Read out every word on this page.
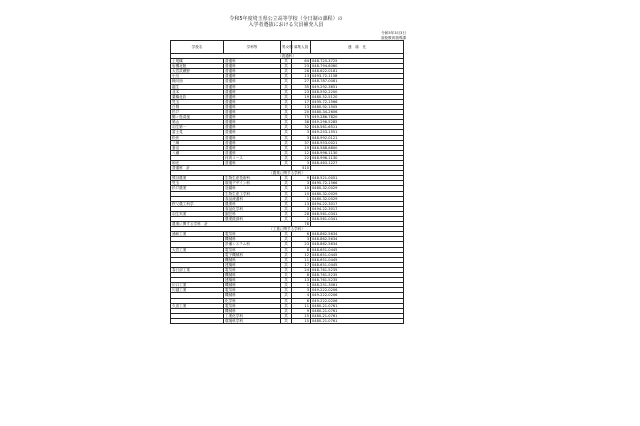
令和5年度埼玉県公立高等学校（全日制の課程）の
入学者選抜における欠員補充人員
令和5年3月3日
高校教育指導課
学校名	学科等	男女別	募集人員	連　絡　先
（普通科）				
上尾橘	普通科	共	64	048-725-3725
岩槻北陵	普通科	共	23	048-794-6060
大宮武蔵野	普通科	共	28	048-622-0181
小川	普通科	共	13	0493-72-1158
桶川西	普通科	共	27	048-787-0081
越生	普通科	共	35	049-292-3651
北本	普通科	共	23	048-592-2200
栗橋北彩	普通科	共	19	0480-52-5120
児玉	普通科	共	17	0495-72-1566
白岡	普通科	共	13	0480-92-1505
杉戸	普通科	共	20	0480-34-2606
鶴ヶ島清風	普通科	共	75	049-286-7820
鳩山	普通科	共	38	049-296-5285
羽生第一	普通科	共	32	048-561-6511
富士見	普通科	共	3	049-253-1551
松伏	普通科	共	3	048-992-0121
三郷	普通科	共	37	048-953-0021
妻沼	普通科	共	19	048-588-6800
八潮	普通科	共	12	048-996-1130
	体育コース	共	22	048-996-1130
和光	普通科	共	3	048-463-1227
普通科　計			510	
（農業に関する学科）				
熊谷農業	生物生産技術科	共	9	048-521-0051
児玉	環境デザイン科	共	3	0495-72-1566
杉戸農業	造園科	共	10	0480-32-0029
	生物生産工学科	共	10	0480-32-0029
	食品流通科	共	1	0480-32-0029
秩父農工科学	農業科	共	13	0494-22-3017
	食品化学科	共	3	0494-22-3017
羽生実業	園芸科	共	28	048-561-0341
	農業経済科	共	1	048-561-0341
農業に関する学科　計			78	
（工業に関する学科）				
浦和工業	電気科	共	6	048-862-5634
	機械科	共	3	048-862-5634
	設備システム科	共	23	048-862-5634
大宮工業	電気科	共	8	048-651-0445
	電子機械科	共	12	048-651-0445
	機械科	共	11	048-651-0445
	建築科	共	17	048-651-0445
春日部工業	電気科	共	24	048-761-5235
	機械科	共	8	048-761-5235
	建築科	共	13	048-761-5235
川口工業	機械科	共	1	048-251-3061
川越工業	電気科	共	3	049-222-0206
	機械科	共	4	049-222-0206
	化学科	共	6	049-222-0206
久喜工業	電気科	共	11	0480-21-0761
	機械科	共	9	0480-21-0761
	工業化学科	共	15	0480-21-0761
	環境科学科	共	15	0480-21-0761
